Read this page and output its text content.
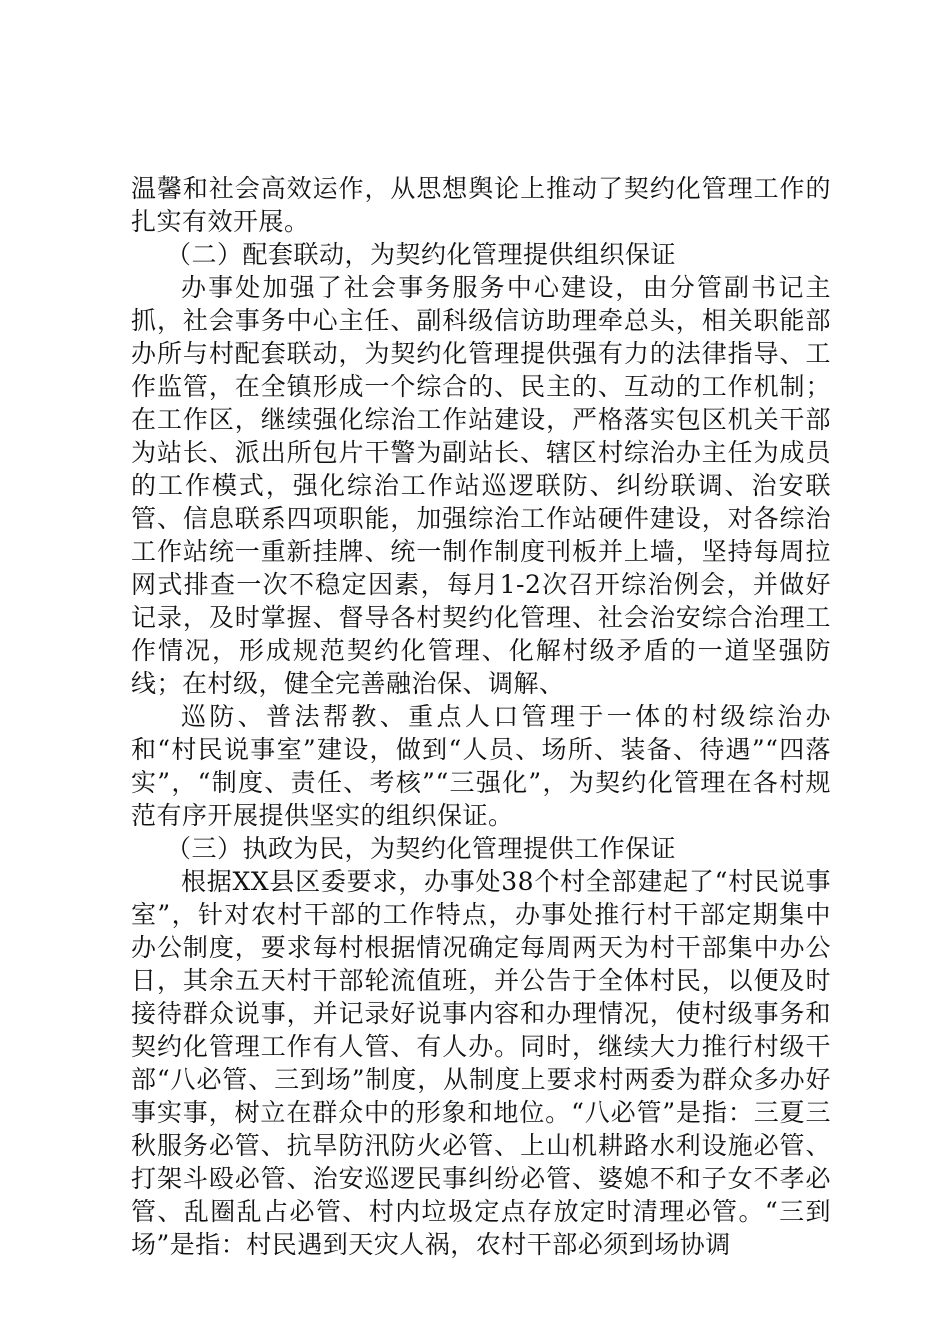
温馨和社会高效运作，从思想舆论上推动了契约化管理工作的扎实有效开展。

（二）配套联动，为契约化管理提供组织保证

办事处加强了社会事务服务中心建设，由分管副书记主抓，社会事务中心主任、副科级信访助理牵总头，相关职能部办所与村配套联动，为契约化管理提供强有力的法律指导、工作监管，在全镇形成一个综合的、民主的、互动的工作机制；在工作区，继续强化综治工作站建设，严格落实包区机关干部为站长、派出所包片干警为副站长、辖区村综治办主任为成员的工作模式，强化综治工作站巡逻联防、纠纷联调、治安联管、信息联系四项职能，加强综治工作站硬件建设，对各综治工作站统一重新挂牌、统一制作制度刊板并上墙，坚持每周拉网式排查一次不稳定因素，每月1-2次召开综治例会，并做好记录，及时掌握、督导各村契约化管理、社会治安综合治理工作情况，形成规范契约化管理、化解村级矛盾的一道坚强防线；在村级，健全完善融治保、调解、

巡防、普法帮教、重点人口管理于一体的村级综治办和“村民说事室”建设，做到“人员、场所、装备、待遇”“四落实”，“制度、责任、考核”“三强化”，为契约化管理在各村规范有序开展提供坚实的组织保证。

（三）执政为民，为契约化管理提供工作保证

根据XX县区委要求，办事处38个村全部建起了“村民说事室”，针对农村干部的工作特点，办事处推行村干部定期集中办公制度，要求每村根据情况确定每周两天为村干部集中办公日，其余五天村干部轮流值班，并公告于全体村民，以便及时接待群众说事，并记录好说事内容和办理情况，使村级事务和契约化管理工作有人管、有人办。同时，继续大力推行村级干部“八必管、三到场”制度，从制度上要求村两委为群众多办好事实事，树立在群众中的形象和地位。“八必管”是指：三夏三秋服务必管、抗旱防汛防火必管、上山机耕路水利设施必管、打架斗殴必管、治安巡逻民事纠纷必管、婆媳不和子女不孝必管、乱圈乱占必管、村内垃圾定点存放定时清理必管。“三到场”是指：村民遇到天灾人祸，农村干部必须到场协调
